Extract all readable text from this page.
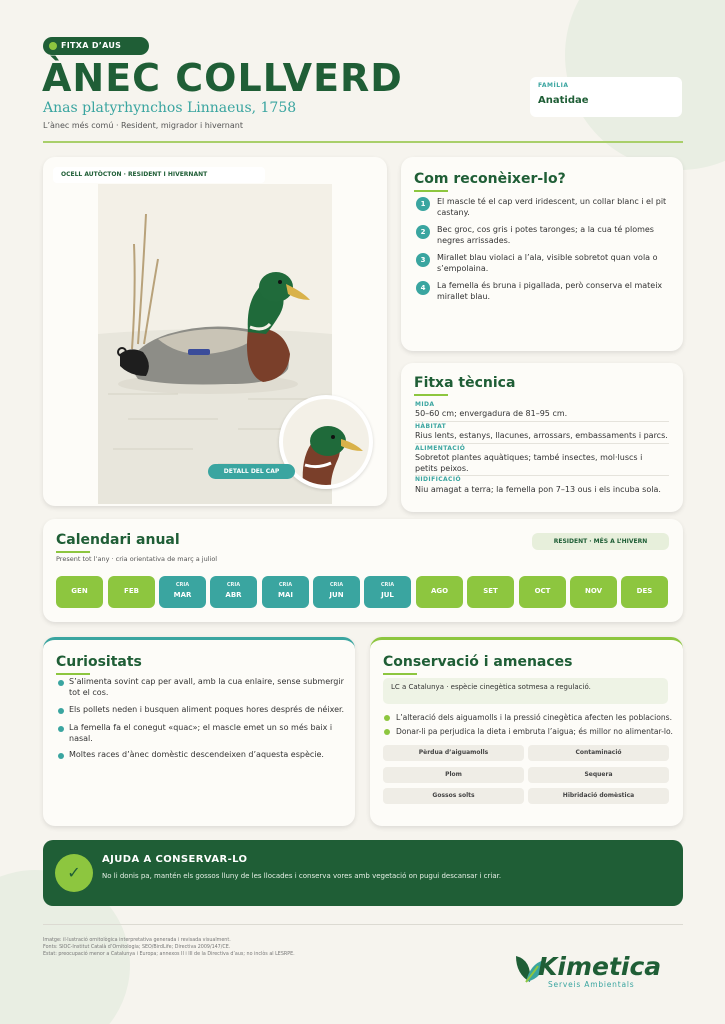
FITXA D’AUS
ÀNEC COLLVERD
Anas platyrhynchos Linnaeus, 1758
L’ànec més comú · Resident, migrador i hivernant
FAMÍLIA
Anatidae
OCELL AUTÒCTON · RESIDENT I HIVERNANT
DETALL DEL CAP
Com reconèixer-lo?
1	El mascle té el cap verd iridescent, un collar blanc i el pit castany.
2	Bec groc, cos gris i potes taronges; a la cua té plomes negres arrissades.
3	Mirallet blau violaci a l’ala, visible sobretot quan vola o s’empolaina.
4	La femella és bruna i pigallada, però conserva el mateix mirallet blau.
Fitxa tècnica
MIDA
50–60 cm; envergadura de 81–95 cm.
HÀBITAT
Rius lents, estanys, llacunes, arrossars, embassaments i parcs.
ALIMENTACIÓ
Sobretot plantes aquàtiques; també insectes, mol·luscs i petits peixos.
NIDIFICACIÓ
Niu amagat a terra; la femella pon 7–13 ous i els incuba sola.
Calendari anual
Present tot l’any · cria orientativa de març a juliol
RESIDENT · MÉS A L’HIVERN
GEN	FEB	MAR
CRIA
ABR
CRIA
MAI
CRIA
JUN
CRIA
JUL
CRIA
AGO	SET	OCT	NOV	DES
Curiositats
S’alimenta sovint cap per avall, amb la cua enlaire, sense submergir tot el cos.
Els pollets neden i busquen aliment poques hores després de néixer.
La femella fa el conegut «quac»; el mascle emet un so més baix i nasal.
Moltes races d’ànec domèstic descendeixen d’aquesta espècie.
Conservació i amenaces
LC a Catalunya · espècie cinegètica sotmesa a regulació.
L’alteració dels aiguamolls i la pressió cinegètica afecten les poblacions.
Donar-li pa perjudica la dieta i embruta l’aigua; és millor no alimentar-lo.
Pèrdua d’aiguamolls	Contaminació
Plom	Sequera
Gossos solts	Hibridació domèstica
✓
AJUDA A CONSERVAR-LO
No li donis pa, mantén els gossos lluny de les llocades i conserva vores amb vegetació on pugui descansar i criar.
Imatge: il·lustració ornitològica interpretativa generada i revisada visualment.
Fonts: SIOC-Institut Català d’Ornitologia; SEO/BirdLife; Directiva 2009/147/CE.
Estat: preocupació menor a Catalunya i Europa; annexos II i III de la Directiva d’aus; no inclòs al LESRPE.	Kimetica
Serveis Ambientals
